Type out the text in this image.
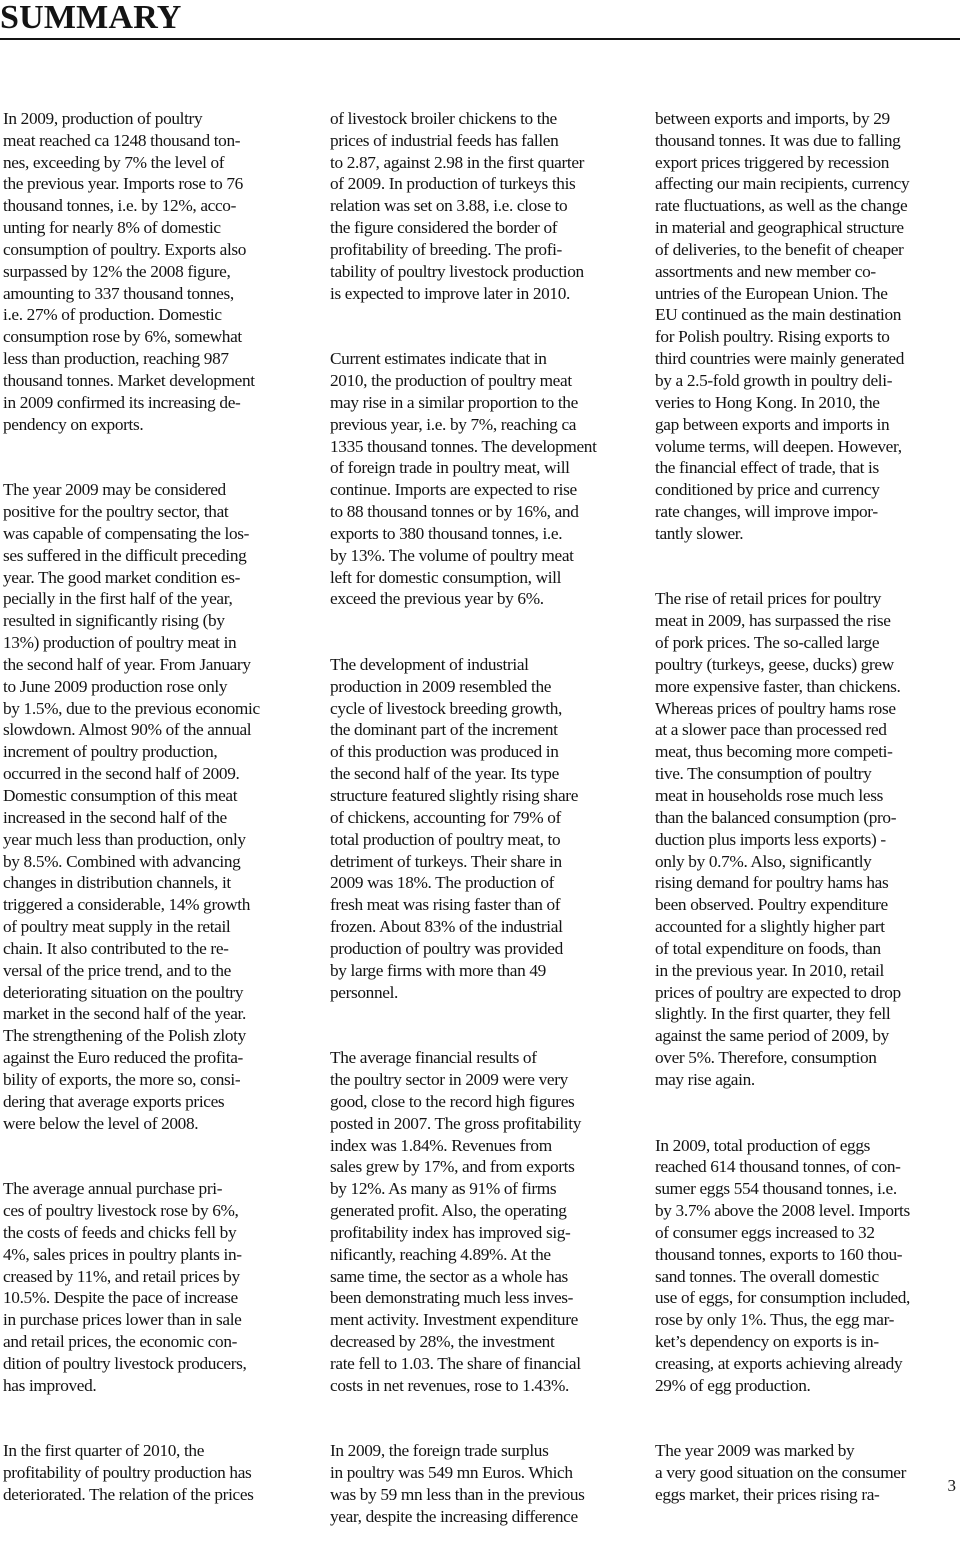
SUMMARY

In 2009, production of poultry
meat reached ca 1248 thousand ton-
nes, exceeding by 7% the level of
the previous year. Imports rose to 76
thousand tonnes, i.e. by 12%, acco-
unting for nearly 8% of domestic
consumption of poultry. Exports also
surpassed by 12% the 2008 figure,
amounting to 337 thousand tonnes,
i.e. 27% of production. Domestic
consumption rose by 6%, somewhat
less than production, reaching 987
thousand tonnes. Market development
in 2009 confirmed its increasing de-
pendency on exports.

The year 2009 may be considered
positive for the poultry sector, that
was capable of compensating the los-
ses suffered in the difficult preceding
year. The good market condition es-
pecially in the first half of the year,
resulted in significantly rising (by
13%) production of poultry meat in
the second half of year. From January
to June 2009 production rose only
by 1.5%, due to the previous economic
slowdown. Almost 90% of the annual
increment of poultry production,
occurred in the second half of 2009.
Domestic consumption of this meat
increased in the second half of the
year much less than production, only
by 8.5%. Combined with advancing
changes in distribution channels, it
triggered a considerable, 14% growth
of poultry meat supply in the retail
chain. It also contributed to the re-
versal of the price trend, and to the
deteriorating situation on the poultry
market in the second half of the year.
The strengthening of the Polish zloty
against the Euro reduced the profita-
bility of exports, the more so, consi-
dering that average exports prices
were below the level of 2008.

The average annual purchase pri-
ces of poultry livestock rose by 6%,
the costs of feeds and chicks fell by
4%, sales prices in poultry plants in-
creased by 11%, and retail prices by
10.5%. Despite the pace of increase
in purchase prices lower than in sale
and retail prices, the economic con-
dition of poultry livestock producers,
has improved.

In the first quarter of 2010, the
profitability of poultry production has
deteriorated. The relation of the prices

of livestock broiler chickens to the
prices of industrial feeds has fallen
to 2.87, against 2.98 in the first quarter
of 2009. In production of turkeys this
relation was set on 3.88, i.e. close to
the figure considered the border of
profitability of breeding. The profi-
tability of poultry livestock production
is expected to improve later in 2010.

Current estimates indicate that in
2010, the production of poultry meat
may rise in a similar proportion to the
previous year, i.e. by 7%, reaching ca
1335 thousand tonnes. The development
of foreign trade in poultry meat, will
continue. Imports are expected to rise
to 88 thousand tonnes or by 16%, and
exports to 380 thousand tonnes, i.e.
by 13%. The volume of poultry meat
left for domestic consumption, will
exceed the previous year by 6%.

The development of industrial
production in 2009 resembled the
cycle of livestock breeding growth,
the dominant part of the increment
of this production was produced in
the second half of the year. Its type
structure featured slightly rising share
of chickens, accounting for 79% of
total production of poultry meat, to
detriment of turkeys. Their share in
2009 was 18%. The production of
fresh meat was rising faster than of
frozen. About 83% of the industrial
production of poultry was provided
by large firms with more than 49
personnel.

The average financial results of
the poultry sector in 2009 were very
good, close to the record high figures
posted in 2007. The gross profitability
index was 1.84%. Revenues from
sales grew by 17%, and from exports
by 12%. As many as 91% of firms
generated profit. Also, the operating
profitability index has improved sig-
nificantly, reaching 4.89%. At the
same time, the sector as a whole has
been demonstrating much less inves-
ment activity. Investment expenditure
decreased by 28%, the investment
rate fell to 1.03. The share of financial
costs in net revenues, rose to 1.43%.

In 2009, the foreign trade surplus
in poultry was 549 mn Euros. Which
was by 59 mn less than in the previous
year, despite the increasing difference

between exports and imports, by 29
thousand tonnes. It was due to falling
export prices triggered by recession
affecting our main recipients, currency
rate fluctuations, as well as the change
in material and geographical structure
of deliveries, to the benefit of cheaper
assortments and new member co-
untries of the European Union. The
EU continued as the main destination
for Polish poultry. Rising exports to
third countries were mainly generated
by a 2.5-fold growth in poultry deli-
veries to Hong Kong. In 2010, the
gap between exports and imports in
volume terms, will deepen. However,
the financial effect of trade, that is
conditioned by price and currency
rate changes, will improve impor-
tantly slower.

The rise of retail prices for poultry
meat in 2009, has surpassed the rise
of pork prices. The so-called large
poultry (turkeys, geese, ducks) grew
more expensive faster, than chickens.
Whereas prices of poultry hams rose
at a slower pace than processed red
meat, thus becoming more competi-
tive. The consumption of poultry
meat in households rose much less
than the balanced consumption (pro-
duction plus imports less exports) -
only by 0.7%. Also, significantly
rising demand for poultry hams has
been observed. Poultry expenditure
accounted for a slightly higher part
of total expenditure on foods, than
in the previous year. In 2010, retail
prices of poultry are expected to drop
slightly. In the first quarter, they fell
against the same period of 2009, by
over 5%. Therefore, consumption
may rise again.

In 2009, total production of eggs
reached 614 thousand tonnes, of con-
sumer eggs 554 thousand tonnes, i.e.
by 3.7% above the 2008 level. Imports
of consumer eggs increased to 32
thousand tonnes, exports to 160 thou-
sand tonnes. The overall domestic
use of eggs, for consumption included,
rose by only 1%. Thus, the egg mar-
ket’s dependency on exports is in-
creasing, at exports achieving already
29% of egg production.

The year 2009 was marked by
a very good situation on the consumer
eggs market, their prices rising ra-	3
